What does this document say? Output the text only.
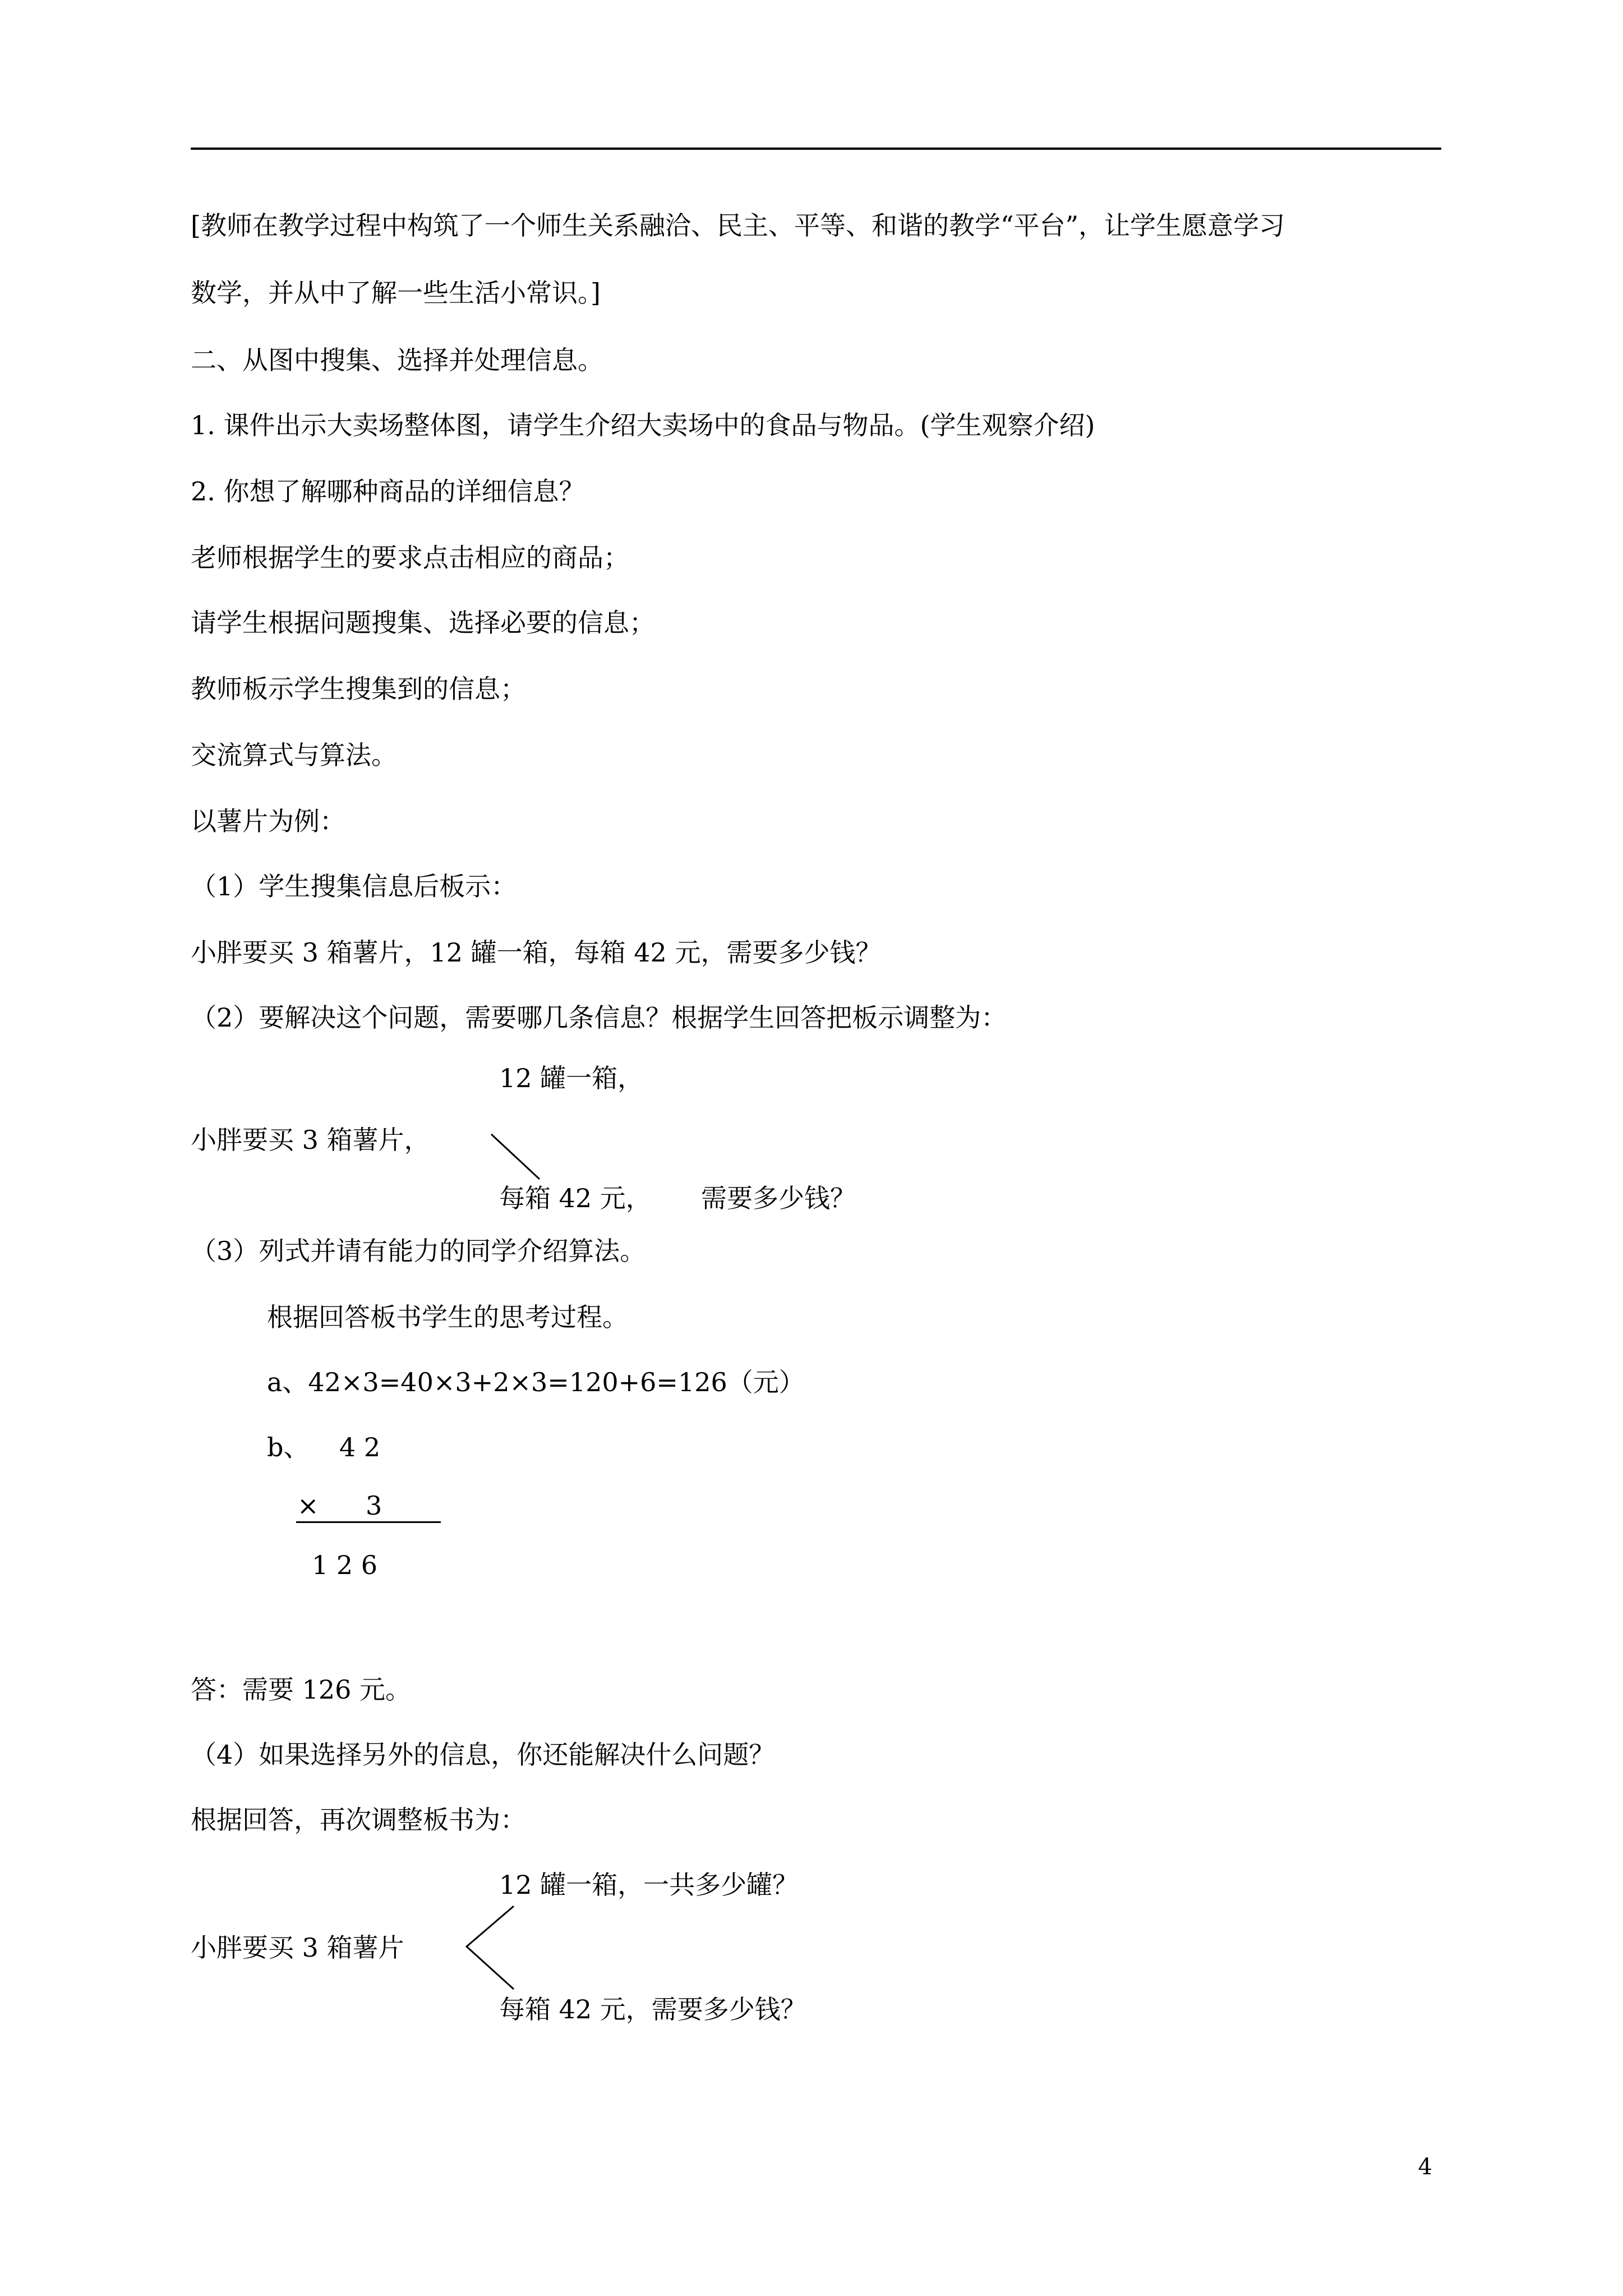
[教师在教学过程中构筑了一个师生关系融洽、民主、平等、和谐的教学“平台”，让学生愿意学习
数学，并从中了解一些生活小常识。]
二、从图中搜集、选择并处理信息。
1. 课件出示大卖场整体图，请学生介绍大卖场中的食品与物品。(学生观察介绍)
2. 你想了解哪种商品的详细信息？
老师根据学生的要求点击相应的商品；
请学生根据问题搜集、选择必要的信息；
教师板示学生搜集到的信息；
交流算式与算法。
以薯片为例：
（1）学生搜集信息后板示：
小胖要买 3 箱薯片，12 罐一箱，每箱 42 元，需要多少钱？
（2）要解决这个问题，需要哪几条信息？根据学生回答把板示调整为：
12 罐一箱，
小胖要买 3 箱薯片，
每箱 42 元， 需要多少钱？
（3）列式并请有能力的同学介绍算法。
根据回答板书学生的思考过程。
a、42×3=40×3+2×3=120+6=126（元）
b、 4 2
× 3
1 2 6
答：需要 126 元。
（4）如果选择另外的信息，你还能解决什么问题？
根据回答，再次调整板书为：
12 罐一箱，一共多少罐？
小胖要买 3 箱薯片
每箱 42 元，需要多少钱？
4
